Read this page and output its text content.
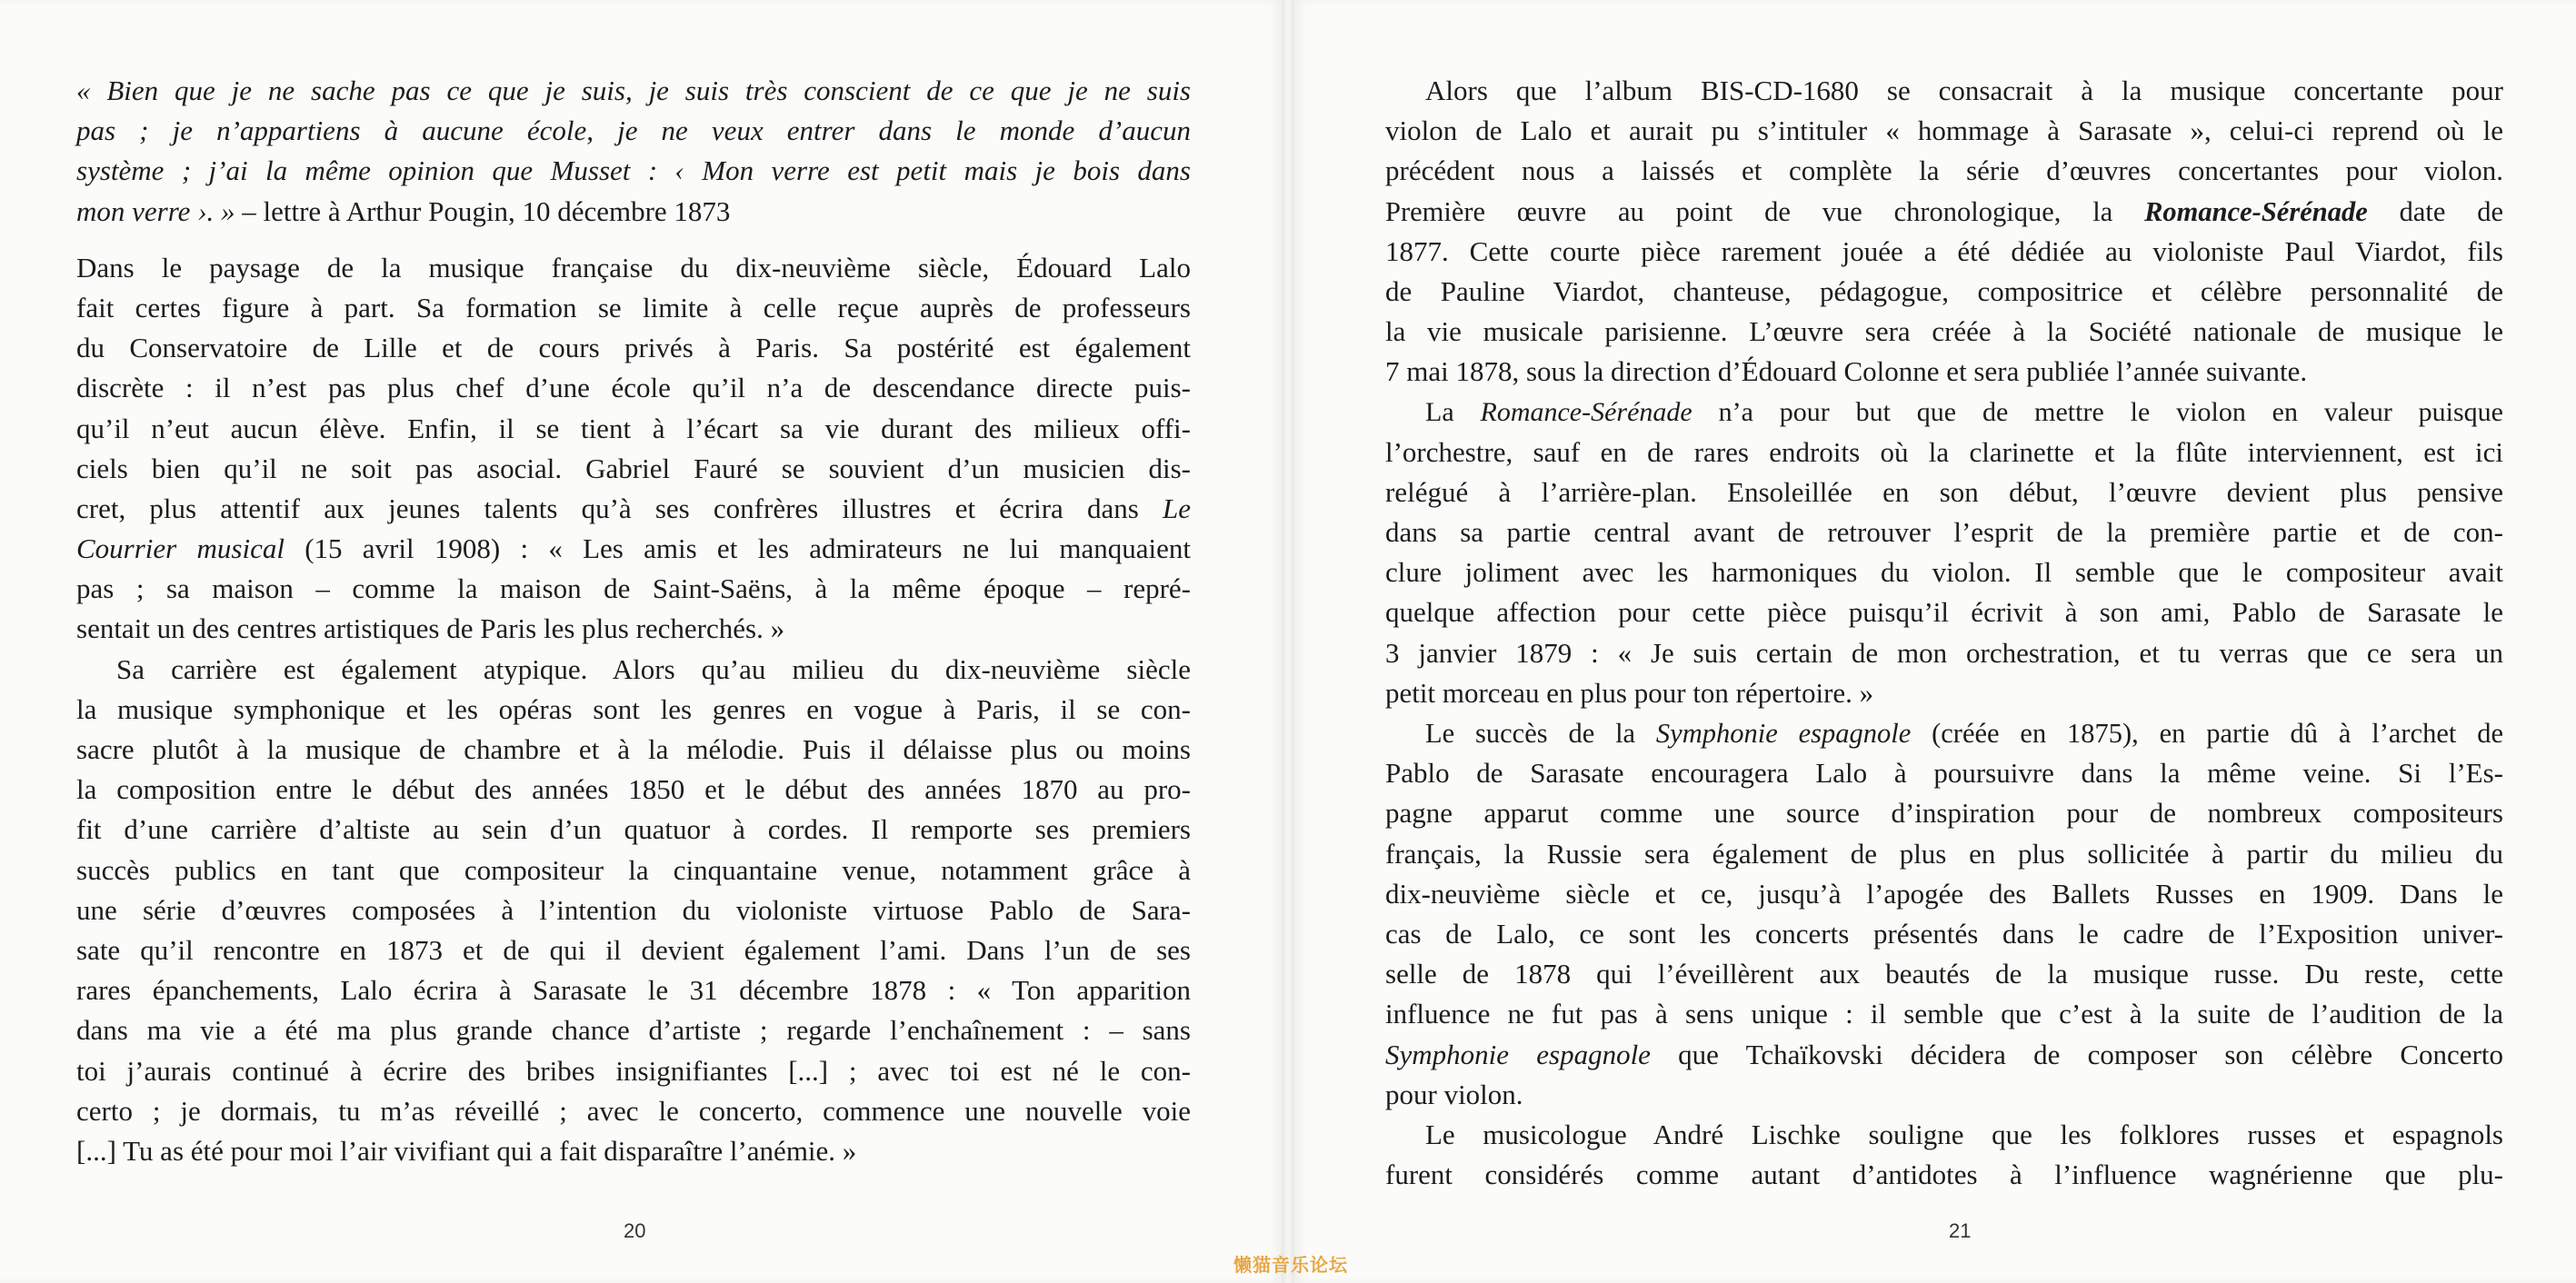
« Bien que je ne sache pas ce que je suis, je suis très conscient de ce que je ne suis
pas ; je n’appartiens à aucune école, je ne veux entrer dans le monde d’aucun
système ; j’ai la même opinion que Musset : ‹ Mon verre est petit mais je bois dans
mon verre ›. » – lettre à Arthur Pougin, 10 décembre 1873
Dans le paysage de la musique française du dix-neuvième siècle, Édouard Lalo
fait certes figure à part. Sa formation se limite à celle reçue auprès de professeurs
du Conservatoire de Lille et de cours privés à Paris. Sa postérité est également
discrète : il n’est pas plus chef d’une école qu’il n’a de descendance directe puis-
qu’il n’eut aucun élève. Enfin, il se tient à l’écart sa vie durant des milieux offi-
ciels bien qu’il ne soit pas asocial. Gabriel Fauré se souvient d’un musicien dis-
cret, plus attentif aux jeunes talents qu’à ses confrères illustres et écrira dans Le
Courrier musical (15 avril 1908) : « Les amis et les admirateurs ne lui manquaient
pas ; sa maison – comme la maison de Saint-Saëns, à la même époque – repré-
sentait un des centres artistiques de Paris les plus recherchés. »
Sa carrière est également atypique. Alors qu’au milieu du dix-neuvième siècle
la musique symphonique et les opéras sont les genres en vogue à Paris, il se con-
sacre plutôt à la musique de chambre et à la mélodie. Puis il délaisse plus ou moins
la composition entre le début des années 1850 et le début des années 1870 au pro-
fit d’une carrière d’altiste au sein d’un quatuor à cordes. Il remporte ses premiers
succès publics en tant que compositeur la cinquantaine venue, notamment grâce à
une série d’œuvres composées à l’intention du violoniste virtuose Pablo de Sara-
sate qu’il rencontre en 1873 et de qui il devient également l’ami. Dans l’un de ses
rares épanchements, Lalo écrira à Sarasate le 31 décembre 1878 : « Ton apparition
dans ma vie a été ma plus grande chance d’artiste ; regarde l’enchaînement : – sans
toi j’aurais continué à écrire des bribes insignifiantes [...] ; avec toi est né le con-
certo ; je dormais, tu m’as réveillé ; avec le concerto, commence une nouvelle voie
[...] Tu as été pour moi l’air vivifiant qui a fait disparaître l’anémie. »
20
Alors que l’album BIS-CD-1680 se consacrait à la musique concertante pour
violon de Lalo et aurait pu s’intituler « hommage à Sarasate », celui-ci reprend où le
précédent nous a laissés et complète la série d’œuvres concertantes pour violon.
Première œuvre au point de vue chronologique, la Romance-Sérénade date de
1877. Cette courte pièce rarement jouée a été dédiée au violoniste Paul Viardot, fils
de Pauline Viardot, chanteuse, pédagogue, compositrice et célèbre personnalité de
la vie musicale parisienne. L’œuvre sera créée à la Société nationale de musique le
7 mai 1878, sous la direction d’Édouard Colonne et sera publiée l’année suivante.
La Romance-Sérénade n’a pour but que de mettre le violon en valeur puisque
l’orchestre, sauf en de rares endroits où la clarinette et la flûte interviennent, est ici
relégué à l’arrière-plan. Ensoleillée en son début, l’œuvre devient plus pensive
dans sa partie central avant de retrouver l’esprit de la première partie et de con-
clure joliment avec les harmoniques du violon. Il semble que le compositeur avait
quelque affection pour cette pièce puisqu’il écrivit à son ami, Pablo de Sarasate le
3 janvier 1879 : « Je suis certain de mon orchestration, et tu verras que ce sera un
petit morceau en plus pour ton répertoire. »
Le succès de la Symphonie espagnole (créée en 1875), en partie dû à l’archet de
Pablo de Sarasate encouragera Lalo à poursuivre dans la même veine. Si l’Es-
pagne apparut comme une source d’inspiration pour de nombreux compositeurs
français, la Russie sera également de plus en plus sollicitée à partir du milieu du
dix-neuvième siècle et ce, jusqu’à l’apogée des Ballets Russes en 1909. Dans le
cas de Lalo, ce sont les concerts présentés dans le cadre de l’Exposition univer-
selle de 1878 qui l’éveillèrent aux beautés de la musique russe. Du reste, cette
influence ne fut pas à sens unique : il semble que c’est à la suite de l’audition de la
Symphonie espagnole que Tchaïkovski décidera de composer son célèbre Concerto
pour violon.
Le musicologue André Lischke souligne que les folklores russes et espagnols
furent considérés comme autant d’antidotes à l’influence wagnérienne que plu-
21
懒猫音乐论坛
